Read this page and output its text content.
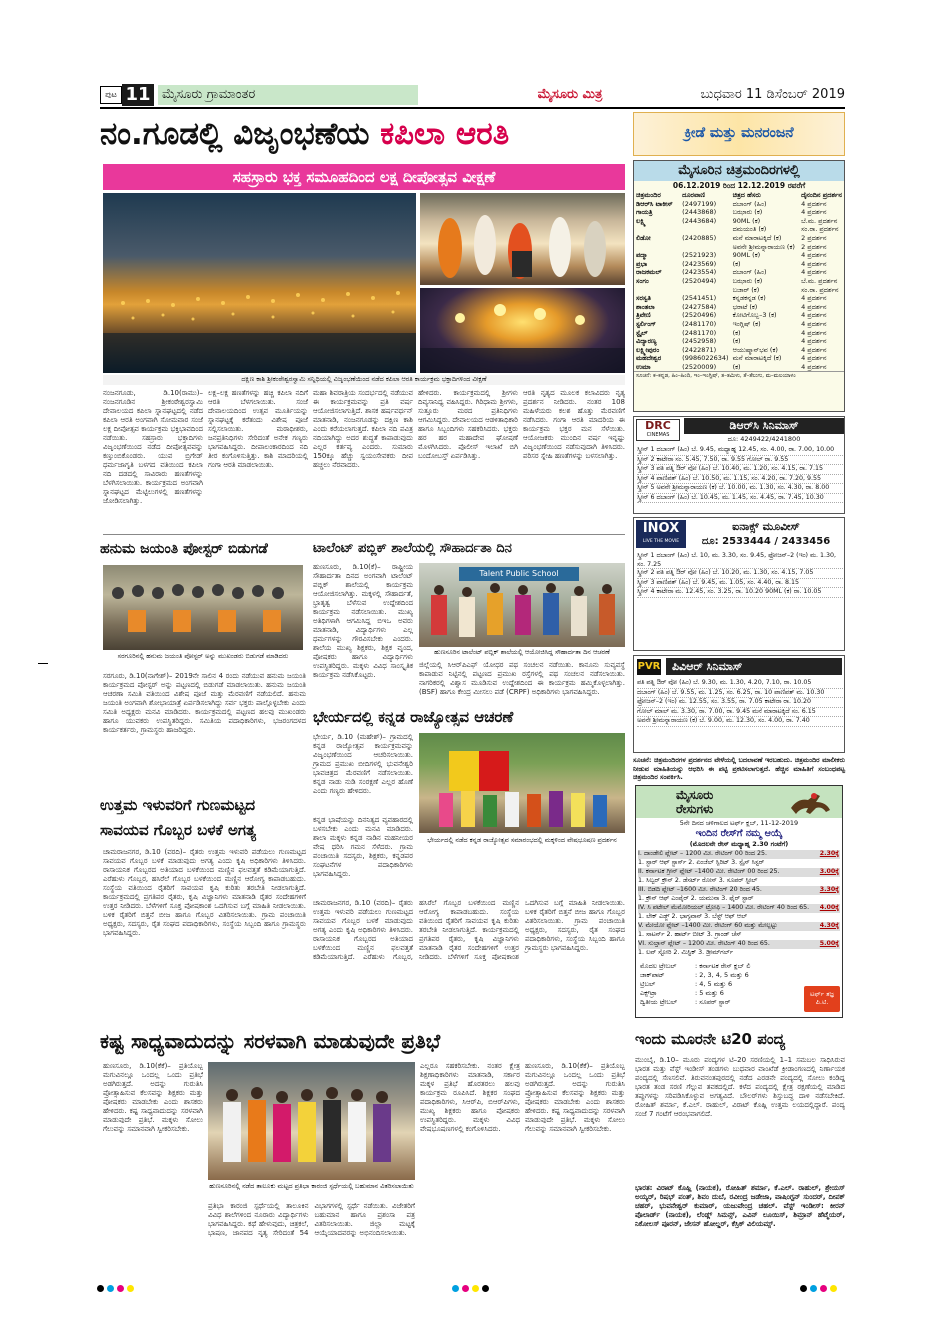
ಪುಟ 11 ಮೈಸೂರು ಗ್ರಾಮಾಂತರ	ಮೈಸೂರು ಮಿತ್ರ	ಬುಧವಾರ 11 ಡಿಸೆಂಬರ್ 2019
ನಂ.ಗೂಡಲ್ಲಿ ವಿಜೃಂಭಣೆಯ ಕಪಿಲಾ ಆರತಿ	ಕ್ರೀಡೆ ಮತ್ತು ಮನರಂಜನೆ
ಸಹಸ್ರಾರು ಭಕ್ತ ಸಮೂಹದಿಂದ ಲಕ್ಷ ದೀಪೋತ್ಸವ ವೀಕ್ಷಣೆ
ದಕ್ಷಿಣ ಕಾಶಿ ಶ್ರೀಕಂಠೇಶ್ವರಸ್ವಾಮಿ ಸನ್ನಿಧಿಯಲ್ಲಿ ವಿಜೃಂಭಣೆಯಿಂದ ನಡೆದ ಕಪಿಲಾ ಆರತಿ ಕಾರ್ಯಕ್ರಮ ಭಕ್ತಾದಿಗಳಿಂದ ವೀಕ್ಷಣೆ
ನಂಜನಗೂಡು, ಡಿ.10(ರಾಮು)– ನಂಜನಗೂಡಿನ ಶ್ರೀಕಂಠೇಶ್ವರಸ್ವಾಮಿ ದೇವಾಲಯದ ಕಪಿಲಾ ಸ್ನಾನಘಟ್ಟದಲ್ಲಿ ನಡೆದ ಕಪಿಲಾ ಆರತಿ ಅಂಗವಾಗಿ ಸೋಮವಾರ ಸಂಜೆ ಲಕ್ಷ ದೀಪೋತ್ಸವ ಕಾರ್ಯಕ್ರಮ ಭಕ್ತಿಭಾವದಿಂದ ನಡೆಯಿತು. ಸಹಸ್ರಾರು ಭಕ್ತಾದಿಗಳು ವಿಜೃಂಭಣೆಯಿಂದ ನಡೆದ ದೀಪೋತ್ಸವವನ್ನು ಕಣ್ತುಂಬಿಕೊಂಡರು. ಯುವ ಬ್ರಿಗೇಡ್ ಧರ್ಮಜಾಗೃತಿ ಬಳಗದ ವತಿಯಿಂದ ಕಪಿಲಾ ನದಿ ದಡದಲ್ಲಿ ಸಾವಿರಾರು ಹಣತೆಗಳನ್ನು ಬೆಳಗಿಸಲಾಯಿತು. ಕಾರ್ಯಕ್ರಮದ ಅಂಗವಾಗಿ ಸ್ನಾನಘಟ್ಟದ ಮೆಟ್ಟಿಲುಗಳಲ್ಲಿ ಹಣತೆಗಳನ್ನು ಜೋಡಿಸಲಾಗಿತ್ತು.
ಲಕ್ಷ–ಲಕ್ಷ ಹಣತೆಗಳನ್ನು ಹಚ್ಚಿ ಕಪಿಲಾ ನದಿಗೆ ಆರತಿ ಬೆಳಗಲಾಯಿತು. ಸಂಜೆ ದೇವಾಲಯದಿಂದ ಉತ್ಸವ ಮೂರ್ತಿಯನ್ನು ಸ್ನಾನಘಟ್ಟಕ್ಕೆ ಕರೆತಂದು ವಿಶೇಷ ಪೂಜೆ ಸಲ್ಲಿಸಲಾಯಿತು. ಮಠಾಧೀಶರು, ಜನಪ್ರತಿನಿಧಿಗಳು ಸೇರಿದಂತೆ ಅನೇಕ ಗಣ್ಯರು ಭಾಗವಹಿಸಿದ್ದರು. ದೀಪಾಲಂಕಾರದಿಂದ ನದಿ ತೀರ ಕಂಗೊಳಿಸುತ್ತಿತ್ತು. ಕಾಶಿ ಮಾದರಿಯಲ್ಲಿ ಗಂಗಾ ಆರತಿ ಮಾಡಲಾಯಿತು.
ಮಹಾ ಶಿವರಾತ್ರಿಯ ಸಂದರ್ಭದಲ್ಲಿ ನಡೆಯುವ ಈ ಕಾರ್ಯಕ್ರಮವನ್ನು ಪ್ರತಿ ವರ್ಷ ಆಯೋಜಿಸಲಾಗುತ್ತಿದೆ. ಶಾಸಕ ಹರ್ಷವರ್ಧನ್ ಮಾತನಾಡಿ, ನಂಜನಗೂಡನ್ನು ದಕ್ಷಿಣ ಕಾಶಿ ಎಂದು ಕರೆಯಲಾಗುತ್ತದೆ. ಕಪಿಲಾ ನದಿ ಪವಿತ್ರ ನದಿಯಾಗಿದ್ದು ಅದರ ಶುದ್ಧತೆ ಕಾಪಾಡುವುದು ಎಲ್ಲರ ಕರ್ತವ್ಯ ಎಂದರು. ಸುಮಾರು 150ಕ್ಕೂ ಹೆಚ್ಚು ಸ್ವಯಂಸೇವಕರು ದೀಪ ಹಚ್ಚಲು ನೆರವಾದರು.
ಹೇಳಿದರು. ಕಾರ್ಯಕ್ರಮದಲ್ಲಿ ಶ್ರೀಗಳು ದಿವ್ಯಸಾನಿಧ್ಯ ವಹಿಸಿದ್ದರು. ಗಿರಿಧಾಮ ಶ್ರೀಗಳು, ಸುತ್ತೂರು ಮಠದ ಪ್ರತಿನಿಧಿಗಳು ಆಗಮಿಸಿದ್ದರು. ದೇವಾಲಯದ ಆಡಳಿತಾಧಿಕಾರಿ ಹಾಗೂ ಸಿಬ್ಬಂದಿಗಳು ಸಹಕರಿಸಿದರು. ಭಕ್ತರು ಹರ ಹರ ಮಹಾದೇವ ಘೋಷಣೆ ಮೊಳಗಿಸಿದರು. ಪೊಲೀಸ್ ಇಲಾಖೆ ಬಿಗಿ ಬಂದೋಬಸ್ತ್ ಏರ್ಪಡಿಸಿತ್ತು.
ಆರತಿ ನೃತ್ಯದ ಮೂಲಕ ಕಲಾವಿದರು ನೃತ್ಯ ಪ್ರದರ್ಶನ ನೀಡಿದರು. ನಂತರ 108 ಮಹಿಳೆಯರು ಕಲಶ ಹೊತ್ತು ಮೆರವಣಿಗೆ ನಡೆಸಿದರು. ಗಂಗಾ ಆರತಿ ಮಾದರಿಯ ಈ ಕಾರ್ಯಕ್ರಮ ಭಕ್ತರ ಮನ ಸೆಳೆಯಿತು. ಆಯೋಜಕರು ಮುಂದಿನ ವರ್ಷ ಇನ್ನಷ್ಟು ವಿಜೃಂಭಣೆಯಿಂದ ನಡೆಸುವುದಾಗಿ ತಿಳಿಸಿದರು. ಪರಿಸರ ಸ್ನೇಹಿ ಹಣತೆಗಳನ್ನು ಬಳಸಲಾಗಿತ್ತು.
ಹನುಮ ಜಯಂತಿ ಪೋಸ್ಟರ್ ಬಿಡುಗಡೆ
ಸರಗೂರಿನಲ್ಲಿ ಹನುಮ ಜಯಂತಿ ಪೋಸ್ಟರ್ ಅನ್ನು ಮುಖಂಡರು ಬಿಡುಗಡೆ ಮಾಡಿದರು
ಸರಗೂರು, ಡಿ.10(ನಾಗೇಶ್)– 2019ನೇ ಸಾಲಿನ 4 ರಂದು ನಡೆಯುವ ಹನುಮ ಜಯಂತಿ ಕಾರ್ಯಕ್ರಮದ ಪೋಸ್ಟರ್ ಅನ್ನು ಪಟ್ಟಣದಲ್ಲಿ ಬಿಡುಗಡೆ ಮಾಡಲಾಯಿತು. ಹನುಮ ಜಯಂತಿ ಆಚರಣಾ ಸಮಿತಿ ವತಿಯಿಂದ ವಿಶೇಷ ಪೂಜೆ ಮತ್ತು ಮೆರವಣಿಗೆ ನಡೆಯಲಿದೆ. ಹನುಮ ಜಯಂತಿ ಅಂಗವಾಗಿ ಶೋಭಾಯಾತ್ರೆ ಏರ್ಪಡಿಸಲಾಗಿದ್ದು ಸರ್ವ ಭಕ್ತರು ಪಾಲ್ಗೊಳ್ಳಬೇಕು ಎಂದು ಸಮಿತಿ ಅಧ್ಯಕ್ಷರು ಮನವಿ ಮಾಡಿದರು. ಕಾರ್ಯಕ್ರಮದಲ್ಲಿ ಪಟ್ಟಣದ ಹಲವು ಮುಖಂಡರು ಹಾಗೂ ಯುವಕರು ಉಪಸ್ಥಿತರಿದ್ದರು. ಸಮಿತಿಯ ಪದಾಧಿಕಾರಿಗಳು, ಭಜರಂಗದಳದ ಕಾರ್ಯಕರ್ತರು, ಗ್ರಾಮಸ್ಥರು ಹಾಜರಿದ್ದರು.
ಉತ್ತಮ ಇಳುವರಿಗೆ ಗುಣಮಟ್ಟದ
ಸಾವಯವ ಗೊಬ್ಬರ ಬಳಕೆ ಅಗತ್ಯ
ಚಾಮರಾಜನಗರ, ಡಿ.10 (ವರದಿ)– ರೈತರು ಉತ್ತಮ ಇಳುವರಿ ಪಡೆಯಲು ಗುಣಮಟ್ಟದ ಸಾವಯವ ಗೊಬ್ಬರ ಬಳಕೆ ಮಾಡುವುದು ಅಗತ್ಯ ಎಂದು ಕೃಷಿ ಅಧಿಕಾರಿಗಳು ತಿಳಿಸಿದರು. ರಾಸಾಯನಿಕ ಗೊಬ್ಬರದ ಅತಿಯಾದ ಬಳಕೆಯಿಂದ ಮಣ್ಣಿನ ಫಲವತ್ತತೆ ಕಡಿಮೆಯಾಗುತ್ತಿದೆ. ಎರೆಹುಳು ಗೊಬ್ಬರ, ಹಸಿರೆಲೆ ಗೊಬ್ಬರ ಬಳಕೆಯಿಂದ ಮಣ್ಣಿನ ಆರೋಗ್ಯ ಕಾಪಾಡಬಹುದು. ಸಂಸ್ಥೆಯ ವತಿಯಿಂದ ರೈತರಿಗೆ ಸಾವಯವ ಕೃಷಿ ಕುರಿತು ತರಬೇತಿ ನೀಡಲಾಗುತ್ತಿದೆ. ಕಾರ್ಯಕ್ರಮದಲ್ಲಿ ಪ್ರಗತಿಪರ ರೈತರು, ಕೃಷಿ ವಿಜ್ಞಾನಿಗಳು ಮಾತನಾಡಿ ರೈತರ ಸಂದೇಹಗಳಿಗೆ ಉತ್ತರ ನೀಡಿದರು. ಬೆಳೆಗಳಿಗೆ ಸೂಕ್ತ ಪೋಷಕಾಂಶ ಒದಗಿಸುವ ಬಗ್ಗೆ ಮಾಹಿತಿ ನೀಡಲಾಯಿತು. ಬಳಿಕ ರೈತರಿಗೆ ಬಿತ್ತನೆ ಬೀಜ ಹಾಗೂ ಗೊಬ್ಬರ ವಿತರಿಸಲಾಯಿತು. ಗ್ರಾಮ ಪಂಚಾಯಿತಿ ಅಧ್ಯಕ್ಷರು, ಸದಸ್ಯರು, ರೈತ ಸಂಘದ ಪದಾಧಿಕಾರಿಗಳು, ಸಂಸ್ಥೆಯ ಸಿಬ್ಬಂದಿ ಹಾಗೂ ಗ್ರಾಮಸ್ಥರು ಭಾಗವಹಿಸಿದ್ದರು.
ಟಾಲೆಂಟ್ ಪಬ್ಲಿಕ್ ಶಾಲೆಯಲ್ಲಿ ಸೌಹಾರ್ದತಾ ದಿನ
ಹುಣಸೂರು, ಡಿ.10(ಕೆ)– ರಾಷ್ಟ್ರೀಯ ಸೌಹಾರ್ದತಾ ದಿನದ ಅಂಗವಾಗಿ ಟಾಲೆಂಟ್ ಪಬ್ಲಿಕ್ ಶಾಲೆಯಲ್ಲಿ ಕಾರ್ಯಕ್ರಮ ಆಯೋಜಿಸಲಾಗಿತ್ತು. ಮಕ್ಕಳಲ್ಲಿ ಸೌಹಾರ್ದತೆ, ಭ್ರಾತೃತ್ವ ಬೆಳೆಸುವ ಉದ್ದೇಶದಿಂದ ಕಾರ್ಯಕ್ರಮ ನಡೆಸಲಾಯಿತು. ಮುಖ್ಯ ಅತಿಥಿಗಳಾಗಿ ಆಗಮಿಸಿದ್ದ ಬಿಇಒ ಅವರು ಮಾತನಾಡಿ, ವಿದ್ಯಾರ್ಥಿಗಳು ಎಲ್ಲ ಧರ್ಮಗಳನ್ನು ಗೌರವಿಸಬೇಕು ಎಂದರು. ಶಾಲೆಯ ಮುಖ್ಯ ಶಿಕ್ಷಕರು, ಶಿಕ್ಷಕ ವೃಂದ, ಪೋಷಕರು ಹಾಗೂ ವಿದ್ಯಾರ್ಥಿಗಳು ಉಪಸ್ಥಿತರಿದ್ದರು. ಮಕ್ಕಳು ವಿವಿಧ ಸಾಂಸ್ಕೃತಿಕ ಕಾರ್ಯಕ್ರಮ ನಡೆಸಿಕೊಟ್ಟರು.
Talent Public School
ಹುಣಸೂರಿನ ಟಾಲೆಂಟ್ ಪಬ್ಲಿಕ್ ಶಾಲೆಯಲ್ಲಿ ಆಯೋಜಿಸಿದ್ದ ಸೌಹಾರ್ದತಾ ದಿನ ಆಚರಣೆ
ಜಿಲ್ಲೆಯಲ್ಲಿ ಸಿಆರ್‌ಪಿಎಫ್ ಯೋಧರ ಪಥ ಸಂಚಲನ ನಡೆಯಿತು. ಕಾನೂನು ಸುವ್ಯವಸ್ಥೆ ಕಾಪಾಡುವ ನಿಟ್ಟಿನಲ್ಲಿ ಪಟ್ಟಣದ ಪ್ರಮುಖ ರಸ್ತೆಗಳಲ್ಲಿ ಪಥ ಸಂಚಲನ ನಡೆಸಲಾಯಿತು. ನಾಗರಿಕರಲ್ಲಿ ವಿಶ್ವಾಸ ಮೂಡಿಸುವ ಉದ್ದೇಶದಿಂದ ಈ ಕಾರ್ಯಕ್ರಮ ಹಮ್ಮಿಕೊಳ್ಳಲಾಗಿತ್ತು. (BSF) ಹಾಗೂ ಕೇಂದ್ರ ಮೀಸಲು ಪಡೆ (CRPF) ಅಧಿಕಾರಿಗಳು ಭಾಗವಹಿಸಿದ್ದರು.
ಭೇರ್ಯದಲ್ಲಿ ಕನ್ನಡ ರಾಜ್ಯೋತ್ಸವ ಆಚರಣೆ
ಭೇರ್ಯ, ಡಿ.10 (ಮಹೇಶ್)– ಗ್ರಾಮದಲ್ಲಿ ಕನ್ನಡ ರಾಜ್ಯೋತ್ಸವ ಕಾರ್ಯಕ್ರಮವನ್ನು ವಿಜೃಂಭಣೆಯಿಂದ ಆಚರಿಸಲಾಯಿತು. ಗ್ರಾಮದ ಪ್ರಮುಖ ಬೀದಿಗಳಲ್ಲಿ ಭುವನೇಶ್ವರಿ ಭಾವಚಿತ್ರದ ಮೆರವಣಿಗೆ ನಡೆಸಲಾಯಿತು. ಕನ್ನಡ ನಾಡು ನುಡಿ ಸಂರಕ್ಷಣೆ ಎಲ್ಲರ ಹೊಣೆ ಎಂದು ಗಣ್ಯರು ಹೇಳಿದರು.
ಕನ್ನಡ ಭಾಷೆಯನ್ನು ದಿನನಿತ್ಯದ ವ್ಯವಹಾರದಲ್ಲಿ ಬಳಸಬೇಕು ಎಂದು ಮನವಿ ಮಾಡಿದರು. ಶಾಲಾ ಮಕ್ಕಳು ಕನ್ನಡ ನಾಡಿನ ಮಹನೀಯರ ವೇಷ ಧರಿಸಿ ಗಮನ ಸೆಳೆದರು. ಗ್ರಾಮ ಪಂಚಾಯಿತಿ ಸದಸ್ಯರು, ಶಿಕ್ಷಕರು, ಕನ್ನಡಪರ ಸಂಘಟನೆಗಳ ಪದಾಧಿಕಾರಿಗಳು ಭಾಗವಹಿಸಿದ್ದರು.
ಭೇರ್ಯದಲ್ಲಿ ನಡೆದ ಕನ್ನಡ ರಾಜ್ಯೋತ್ಸವ ಸಮಾರಂಭದಲ್ಲಿ ಮಕ್ಕಳಿಂದ ವೇಷಭೂಷಣ ಪ್ರದರ್ಶನ
ಚಾಮರಾಜನಗರ, ಡಿ.10 (ವರದಿ)– ರೈತರು ಉತ್ತಮ ಇಳುವರಿ ಪಡೆಯಲು ಗುಣಮಟ್ಟದ ಸಾವಯವ ಗೊಬ್ಬರ ಬಳಕೆ ಮಾಡುವುದು ಅಗತ್ಯ ಎಂದು ಕೃಷಿ ಅಧಿಕಾರಿಗಳು ತಿಳಿಸಿದರು. ರಾಸಾಯನಿಕ ಗೊಬ್ಬರದ ಅತಿಯಾದ ಬಳಕೆಯಿಂದ ಮಣ್ಣಿನ ಫಲವತ್ತತೆ ಕಡಿಮೆಯಾಗುತ್ತಿದೆ. ಎರೆಹುಳು ಗೊಬ್ಬರ, ಹಸಿರೆಲೆ ಗೊಬ್ಬರ ಬಳಕೆಯಿಂದ ಮಣ್ಣಿನ ಆರೋಗ್ಯ ಕಾಪಾಡಬಹುದು. ಸಂಸ್ಥೆಯ ವತಿಯಿಂದ ರೈತರಿಗೆ ಸಾವಯವ ಕೃಷಿ ಕುರಿತು ತರಬೇತಿ ನೀಡಲಾಗುತ್ತಿದೆ. ಕಾರ್ಯಕ್ರಮದಲ್ಲಿ ಪ್ರಗತಿಪರ ರೈತರು, ಕೃಷಿ ವಿಜ್ಞಾನಿಗಳು ಮಾತನಾಡಿ ರೈತರ ಸಂದೇಹಗಳಿಗೆ ಉತ್ತರ ನೀಡಿದರು. ಬೆಳೆಗಳಿಗೆ ಸೂಕ್ತ ಪೋಷಕಾಂಶ ಒದಗಿಸುವ ಬಗ್ಗೆ ಮಾಹಿತಿ ನೀಡಲಾಯಿತು. ಬಳಿಕ ರೈತರಿಗೆ ಬಿತ್ತನೆ ಬೀಜ ಹಾಗೂ ಗೊಬ್ಬರ ವಿತರಿಸಲಾಯಿತು. ಗ್ರಾಮ ಪಂಚಾಯಿತಿ ಅಧ್ಯಕ್ಷರು, ಸದಸ್ಯರು, ರೈತ ಸಂಘದ ಪದಾಧಿಕಾರಿಗಳು, ಸಂಸ್ಥೆಯ ಸಿಬ್ಬಂದಿ ಹಾಗೂ ಗ್ರಾಮಸ್ಥರು ಭಾಗವಹಿಸಿದ್ದರು.
ಕಷ್ಟ ಸಾಧ್ಯವಾದುದನ್ನು ಸರಳವಾಗಿ ಮಾಡುವುದೇ ಪ್ರತಿಭೆ
ಹುಣಸೂರು, ಡಿ.10(ಕೆಕೆ)– ಪ್ರತಿಯೊಬ್ಬ ಮಗುವಿನಲ್ಲೂ ಒಂದಲ್ಲ ಒಂದು ಪ್ರತಿಭೆ ಅಡಗಿರುತ್ತದೆ. ಅದನ್ನು ಗುರುತಿಸಿ ಪ್ರೋತ್ಸಾಹಿಸುವ ಕೆಲಸವನ್ನು ಶಿಕ್ಷಕರು ಮತ್ತು ಪೋಷಕರು ಮಾಡಬೇಕು ಎಂದು ಶಾಸಕರು ಹೇಳಿದರು. ಕಷ್ಟ ಸಾಧ್ಯವಾದುದನ್ನು ಸರಳವಾಗಿ ಮಾಡುವುದೇ ಪ್ರತಿಭೆ. ಮಕ್ಕಳು ಸೋಲು ಗೆಲುವನ್ನು ಸಮಾನವಾಗಿ ಸ್ವೀಕರಿಸಬೇಕು.
ಹುಣಸೂರಿನಲ್ಲಿ ನಡೆದ ತಾಲೂಕು ಮಟ್ಟದ ಪ್ರತಿಭಾ ಕಾರಂಜಿ ಸ್ಪರ್ಧೆಯಲ್ಲಿ ಬಹುಮಾನ ವಿತರಿಸಲಾಯಿತು
ಪ್ರತಿಭಾ ಕಾರಂಜಿ ಸ್ಪರ್ಧೆಯಲ್ಲಿ ತಾಲೂಕಿನ ವಿವಿಧ ಶಾಲೆಗಳಿಂದ ನೂರಾರು ವಿದ್ಯಾರ್ಥಿಗಳು ಭಾಗವಹಿಸಿದ್ದರು. ಕಥೆ ಹೇಳುವುದು, ಚಿತ್ರಕಲೆ, ಭಾಷಣ, ಜಾನಪದ ನೃತ್ಯ ಸೇರಿದಂತೆ 54 ವಿಭಾಗಗಳಲ್ಲಿ ಸ್ಪರ್ಧೆ ನಡೆಯಿತು. ವಿಜೇತರಿಗೆ ಬಹುಮಾನ ಹಾಗೂ ಪ್ರಶಂಸಾ ಪತ್ರ ವಿತರಿಸಲಾಯಿತು. ಜಿಲ್ಲಾ ಮಟ್ಟಕ್ಕೆ ಆಯ್ಕೆಯಾದವರನ್ನು ಅಭಿನಂದಿಸಲಾಯಿತು.
ಎಲ್ಲರೂ ಸಹಕರಿಸಬೇಕು. ನಂತರ ಕ್ಷೇತ್ರ ಶಿಕ್ಷಣಾಧಿಕಾರಿಗಳು ಮಾತನಾಡಿ, ಸರ್ಕಾರ ಮಕ್ಕಳ ಪ್ರತಿಭೆ ಹೊರತರಲು ಹಲವು ಕಾರ್ಯಕ್ರಮ ರೂಪಿಸಿದೆ. ಶಿಕ್ಷಕರ ಸಂಘದ ಪದಾಧಿಕಾರಿಗಳು, ಸಿಆರ್‌ಪಿ, ಬಿಆರ್‌ಪಿಗಳು, ಮುಖ್ಯ ಶಿಕ್ಷಕರು ಹಾಗೂ ಪೋಷಕರು ಉಪಸ್ಥಿತರಿದ್ದರು. ಮಕ್ಕಳು ವಿವಿಧ ವೇಷಭೂಷಣಗಳಲ್ಲಿ ಕಂಗೊಳಿಸಿದರು.
ಹುಣಸೂರು, ಡಿ.10(ಕೆಕೆ)– ಪ್ರತಿಯೊಬ್ಬ ಮಗುವಿನಲ್ಲೂ ಒಂದಲ್ಲ ಒಂದು ಪ್ರತಿಭೆ ಅಡಗಿರುತ್ತದೆ. ಅದನ್ನು ಗುರುತಿಸಿ ಪ್ರೋತ್ಸಾಹಿಸುವ ಕೆಲಸವನ್ನು ಶಿಕ್ಷಕರು ಮತ್ತು ಪೋಷಕರು ಮಾಡಬೇಕು ಎಂದು ಶಾಸಕರು ಹೇಳಿದರು. ಕಷ್ಟ ಸಾಧ್ಯವಾದುದನ್ನು ಸರಳವಾಗಿ ಮಾಡುವುದೇ ಪ್ರತಿಭೆ. ಮಕ್ಕಳು ಸೋಲು ಗೆಲುವನ್ನು ಸಮಾನವಾಗಿ ಸ್ವೀಕರಿಸಬೇಕು.
ಮೈಸೂರಿನ ಚಿತ್ರಮಂದಿರಗಳಲ್ಲಿ
06.12.2019 ರಿಂದ 12.12.2019 ರವರೆಗೆ
ಚಿತ್ರಮಂದಿರ	ದೂರವಾಣಿ	ಚಿತ್ರದ ಹೆಸರು	ದೈನಂದಿನ ಪ್ರದರ್ಶನ
ಡಿಆರ್‌ಸಿ ಟಾಕೀಸ್	(2497199)	ದಬಾಂಗ್ (ಹಿಂ)	4 ಪ್ರದರ್ಶನ
ಗಾಯತ್ರಿ	(2443868)	ಬಝಾರು (ಕ)	4 ಪ್ರದರ್ಶನ
ಲಕ್ಷ್ಮಿ	(2443684)	90ML (ಕ)	ಬೆ.ಮ. ಪ್ರದರ್ಶನ
		ದಮಯಂತಿ (ಕ)	ಸಂ.ರಾ. ಪ್ರದರ್ಶನ
ಲಿಡೋ	(2420885)	ಮನೆ ಮಾರಾಟಕ್ಕಿದೆ (ಕ)	2 ಪ್ರದರ್ಶನ
		ಅವನೇ ಶ್ರೀಮನ್ನಾರಾಯಣ (ಕ)	2 ಪ್ರದರ್ಶನ
ಪದ್ಮಾ	(2521923)	90ML (ಕ)	4 ಪ್ರದರ್ಶನ
ಪ್ರಭಾ	(2423569)	(ಕ)	4 ಪ್ರದರ್ಶನ
ರಾಜಕಮಲ್	(2423554)	ದಬಾಂಗ್ (ಹಿಂ)	4 ಪ್ರದರ್ಶನ
ಸಂಗಂ	(2520494)	ಬಝಾರು (ಕ)	ಬೆ.ಮ. ಪ್ರದರ್ಶನ
		ಬಜಾರ್ (ಕ)	ಸಂ.ರಾ. ಪ್ರದರ್ಶನ
ಸರಸ್ವತಿ	(2541451)	ಕನ್ನಡಕನ್ನಡ (ಕ)	4 ಪ್ರದರ್ಶನ
ಶಾಂತಲಾ	(2427584)	ಭರಾಟೆ (ಕ)	4 ಪ್ರದರ್ಶನ
ತ್ರಿವೇಣಿ	(2520496)	ಕೋಟಿಗೊಬ್ಬ–3 (ಕ)	4 ಪ್ರದರ್ಶನ
ಸ್ಟರ್ಲಿಂಗ್	(2481170)	ಇಂಗ್ಲಿಷ್ (ಕ)	4 ಪ್ರದರ್ಶನ
ಸ್ಟೈಲ್	(2481170)	(ಕ)	4 ಪ್ರದರ್ಶನ
ವಿದ್ಯಾರಣ್ಯ	(2452958)	(ಕ)	4 ಪ್ರದರ್ಶನ
ಲಕ್ಷ್ಮೀಪುರಂ	(2422871)	ಆಯುಷ್ಮಾನ್‌ಭವ (ಕ)	4 ಪ್ರದರ್ಶನ
ಮಹದೇಶ್ವರ	(9986022634)	ಮನೆ ಮಾರಾಟಕ್ಕಿದೆ (ಕ)	4 ಪ್ರದರ್ಶನ
ಉಮಾ	(2520009)	(ಕ)	4 ಪ್ರದರ್ಶನ
ಸೂಚನೆ: ಕ–ಕನ್ನಡ, ಹಿಂ–ಹಿಂದಿ, ಇಂ–ಇಂಗ್ಲಿಷ್, ತ–ತಮಿಳು, ತೆ–ತೆಲುಗು, ಮ–ಮಲಯಾಳಂ
DRC
CINEMAS
ಡಿಆರ್‌ಸಿ ಸಿನಿಮಾಸ್
ದೂ: 4249422/4241800
ಸ್ಕ್ರೀನ್ 1 ದಬಾಂಗ್ (ಹಿಂ) ಬೆ. 9.45, ಮಧ್ಯಾಹ್ನ 12.45, ಸಂ. 4.00, ರಾ. 7.00, 10.00
ಸ್ಕ್ರೀನ್ 2 ಕಾಟೇರಾ ಸಂ. 5.45, 7.50, ರಾ. 9.55 ಗೋಲ್ ರಾ. 9.55
ಸ್ಕ್ರೀನ್ 3 ಪತಿ ಪತ್ನಿ ಔರ್ ವೋ (ಹಿಂ) ಬೆ. 10.40, ಮ. 1.20, ಸಂ. 4.15, ರಾ. 7.15
ಸ್ಕ್ರೀನ್ 4 ಪಾಣಿಪತ್ (ಹಿಂ) ಬೆ. 10.50, ಮ. 1.15, ಸಂ. 4.20, ರಾ. 7.20, 9.55
ಸ್ಕ್ರೀನ್ 5 ಅವನೇ ಶ್ರೀಮನ್ನಾರಾಯಣ (ಕ) ಬೆ. 10.00, ಮ. 1.30, ಸಂ. 4.30, ರಾ. 8.00
ಸ್ಕ್ರೀನ್ 6 ದಬಾಂಗ್ (ಹಿಂ) ಬೆ. 10.45, ಮ. 1.45, ಸಂ. 4.45, ರಾ. 7.45, 10.30
INOX
LIVE THE MOVIE
ಐನಾಕ್ಸ್ ಮೂವೀಸ್
ದೂ: 2533444 / 2433456
ಸ್ಕ್ರೀನ್ 1 ದಬಾಂಗ್ (ಹಿಂ) ಬೆ. 10, ಮ. 3.30, ಸಂ. 9.45, ಫ್ರೋಜನ್–2 (ಇಂ) ಮ. 1.30, ಸಂ. 7.25
ಸ್ಕ್ರೀನ್ 2 ಪತಿ ಪತ್ನಿ ಔರ್ ವೋ (ಹಿಂ) ಬೆ. 10.20, ಮ. 1.30, ಸಂ. 4.15, 7.05
ಸ್ಕ್ರೀನ್ 3 ಪಾಣಿಪತ್ (ಹಿಂ) ಬೆ. 9.45, ಮ. 1.05, ಸಂ. 4.40, ರಾ. 8.15
ಸ್ಕ್ರೀನ್ 4 ಕಾಟೇರಾ ಮ. 12.45, ಸಂ. 3.25, ರಾ. 10.20 90ML (ಕ) ರಾ. 10.05
PVR	ಪಿವಿಆರ್ ಸಿನಿಮಾಸ್
ಪತಿ ಪತ್ನಿ ಔರ್ ವೋ (ಹಿಂ) ಬೆ. 9.30, ಮ. 1.30, 4.20, 7.10, ರಾ. 10.05
ದಬಾಂಗ್ (ಹಿಂ) ಬೆ. 9.55, ಮ. 1.25, ಸಂ. 6.25, ರಾ. 10 ಪಾಣಿಪತ್ ಮ. 10.30
ಫ್ರೋಜನ್–2 (ಇಂ) ಮ. 12.55, ಸಂ. 3.55, ರಾ. 7.05 ಕಾಟೇರಾ ರಾ. 10.20
ಗೋಲ್ ಮಾಲ್ ಮ. 3.30, ರಾ. 7.00, ರಾ. 9.45 ಮನೆ ಮಾರಾಟಕ್ಕಿದೆ ಸಂ. 6.15
ಅವನೇ ಶ್ರೀಮನ್ನಾರಾಯಣ (ಕ) ಬೆ. 9.00, ಮ. 12.30, ಸಂ. 4.00, ರಾ. 7.40
ಸೂಚನೆ: ಚಿತ್ರಮಂದಿರಗಳ ಪ್ರದರ್ಶನದ ವೇಳೆಯಲ್ಲಿ ಬದಲಾವಣೆ ಇರಬಹುದು. ಚಿತ್ರಮಂದಿರ ಮಾಲೀಕರು ನೀಡುವ ಮಾಹಿತಿಯನ್ನು ಆಧರಿಸಿ ಈ ಪಟ್ಟಿ ಪ್ರಕಟಿಸಲಾಗುತ್ತದೆ. ಹೆಚ್ಚಿನ ಮಾಹಿತಿಗೆ ಸಂಬಂಧಪಟ್ಟ ಚಿತ್ರಮಂದಿರ ಸಂಪರ್ಕಿಸಿ.
ಮೈಸೂರು
ರೇಸುಗಳು
5ನೇ ದಿನದ ಚಳಿಗಾಲದ ಟರ್ಫ್ ಕ್ಲಬ್, 11-12-2019
ಇಂದಿನ ರೇಸ್‌ಗೆ ನಮ್ಮ ಆಯ್ಕೆ
(ಮೊದಲನೇ ರೇಸ್ ಮಧ್ಯಾಹ್ನ 2.30 ಗಂಟೆಗೆ)
I. ದಾಂಡೇಲಿ ಪ್ಲೇಟ್ – 1200 ಮೀ. ರೇಟಿಂಗ್ 00 ರಿಂದ 25.	2.30ಕ್ಕೆ
1. ಸ್ಟಾರ್ ಆಫ್ ಸ್ಟಾರ್ಸ್ 2. ಏಂಜೆಲ್ ಸ್ಪಿರಿಟ್ 3. ಸ್ಪೈಸ್ ಸಿಸ್ಟರ್
II. ಕರ್ನಾಟಕ ಗ್ರೀನ್ ಪ್ಲೇಟ್ –1400 ಮೀ. ರೇಟಿಂಗ್ 00 ರಿಂದ 25.	3.00ಕ್ಕೆ
1. ಸಿಲ್ವರ್ ಕ್ರೌನ್ 2. ಡೆಸರ್ಟ್ ರೋಸ್ 3. ಸೂಪರ್ ಸ್ಟೀಲ್
III. ಬಿಡದಿ ಪ್ಲೇಟ್ –1600 ಮೀ. ರೇಟಿಂಗ್ 20 ರಿಂದ 45.	3.30ಕ್ಕೆ
1. ಕ್ರೌನ್ ಆಫ್ ಎಂಪೈರ್ 2. ಯಮುನಾ 3. ಫೈರ್ ಸ್ಟಾರ್
IV. ಸಿ ಪಟೇಲ್ ಮೆಮೋರಿಯಲ್ ಟ್ರೋಫಿ – 1400 ಮೀ. ರೇಟಿಂಗ್ 40 ರಿಂದ 65. 4.00ಕ್ಕೆ
1. ಲೇಕ್ ಎಡ್ಜ್ 2. ಭಾಗ್ಯವಾನ್ 3. ಬೆಸ್ಟ್ ಆಫ್ ಆಲ್
V. ಮೇಯೋ ಪ್ಲೇಟ್ –1400 ಮೀ. ರೇಟಿಂಗ್ 60 ಮತ್ತು ಮೇಲ್ಪಟ್ಟು	4.30ಕ್ಕೆ
1. ಸಾಟರ್ನ್ 2. ಹಾರ್ಟ್ ಬೀಟ್ 3. ಗ್ರಾಂಡ್ ಚೆಸ್
VI. ಸುಲ್ತಾನ್ ಪ್ಲೇಟ್ – 1200 ಮೀ. ರೇಟಿಂಗ್ 40 ರಿಂದ 65.	5.00ಕ್ಕೆ
1. ಲವ್ ಸ್ಟೋರಿ 2. ಮಿಸ್ಟಿಕ್ 3. ಡ್ರೀಮ್‌ಗರ್ಲ್
ಮೊದಲ ಟ್ರೇಬಲ್	: ಕರ್ನಾಟಕ ರೇಸ್ ಕ್ಲಬ್ ಲಿ
ಜಾಕ್‌ಪಾಟ್	: 2, 3, 4, 5 ಮತ್ತು 6
ಟ್ರಿಬಲ್	: 4, 5 ಮತ್ತು 6
ಎಕ್ಸ್‌ಟ್ರಾ	: 5 ಮತ್ತು 6
ದ್ವಿತೀಯ ಟ್ರೇಬಲ್	: ಸೂಪರ್ ಸ್ಟಾರ್
ಟರ್ಫ್ ತಜ್ಞ ಪಿ.ಟಿ.
ಇಂದು ಮೂರನೇ ಟಿ20 ಪಂದ್ಯ
ಮುಂಬೈ, ಡಿ.10– ಮೂರು ಪಂದ್ಯಗಳ ಟಿ–20 ಸರಣಿಯಲ್ಲಿ 1–1 ಸಮಬಲ ಸಾಧಿಸಿರುವ ಭಾರತ ಮತ್ತು ವೆಸ್ಟ್ ಇಂಡೀಸ್ ತಂಡಗಳು ಬುಧವಾರ ವಾಂಖೆಡೆ ಕ್ರೀಡಾಂಗಣದಲ್ಲಿ ನಿರ್ಣಾಯಕ ಪಂದ್ಯದಲ್ಲಿ ಸೆಣಸಲಿವೆ. ತಿರುವನಂತಪುರದಲ್ಲಿ ನಡೆದ ಎರಡನೇ ಪಂದ್ಯದಲ್ಲಿ ಸೋಲು ಕಂಡಿದ್ದ ಭಾರತ ತಂಡ ಸರಣಿ ಗೆಲ್ಲುವ ತವಕದಲ್ಲಿದೆ. ಕಳೆದ ಪಂದ್ಯದಲ್ಲಿ ಕ್ಷೇತ್ರ ರಕ್ಷಣೆಯಲ್ಲಿ ಮಾಡಿದ ತಪ್ಪುಗಳನ್ನು ಸರಿಪಡಿಸಿಕೊಳ್ಳುವ ಅಗತ್ಯವಿದೆ. ಬೌಲರ್‌ಗಳು ಶಿಸ್ತುಬದ್ಧ ದಾಳಿ ನಡೆಸಬೇಕಿದೆ. ರೋಹಿತ್ ಶರ್ಮಾ, ಕೆ.ಎಲ್. ರಾಹುಲ್, ವಿರಾಟ್ ಕೊಹ್ಲಿ ಉತ್ತಮ ಲಯದಲ್ಲಿದ್ದಾರೆ. ಪಂದ್ಯ ಸಂಜೆ 7 ಗಂಟೆಗೆ ಆರಂಭವಾಗಲಿದೆ.
ಭಾರತ: ವಿರಾಟ್ ಕೊಹ್ಲಿ (ನಾಯಕ), ರೋಹಿತ್ ಶರ್ಮಾ, ಕೆ.ಎಲ್. ರಾಹುಲ್, ಶ್ರೇಯಸ್ ಅಯ್ಯರ್, ರಿಷಭ್ ಪಂತ್, ಶಿವಂ ದುಬೆ, ರವೀಂದ್ರ ಜಡೇಜಾ, ವಾಷಿಂಗ್ಟನ್ ಸುಂದರ್, ದೀಪಕ್ ಚಹರ್, ಭುವನೇಶ್ವರ್ ಕುಮಾರ್, ಯಜುವೇಂದ್ರ ಚಹಲ್. ವೆಸ್ಟ್ ಇಂಡೀಸ್: ಕೀರನ್ ಪೊಲಾರ್ಡ್ (ನಾಯಕ), ಲೆಂಡ್ಲ್ ಸಿಮನ್ಸ್, ಎವಿನ್ ಲೂಯಿಸ್, ಶಿಮ್ರಾನ್ ಹೆಟ್ಮೆಯರ್, ನಿಕೋಲಸ್ ಪೂರನ್, ಜೇಸನ್ ಹೋಲ್ಡರ್, ಕೆಸ್ರಿಕ್ ವಿಲಿಯಮ್ಸ್.
